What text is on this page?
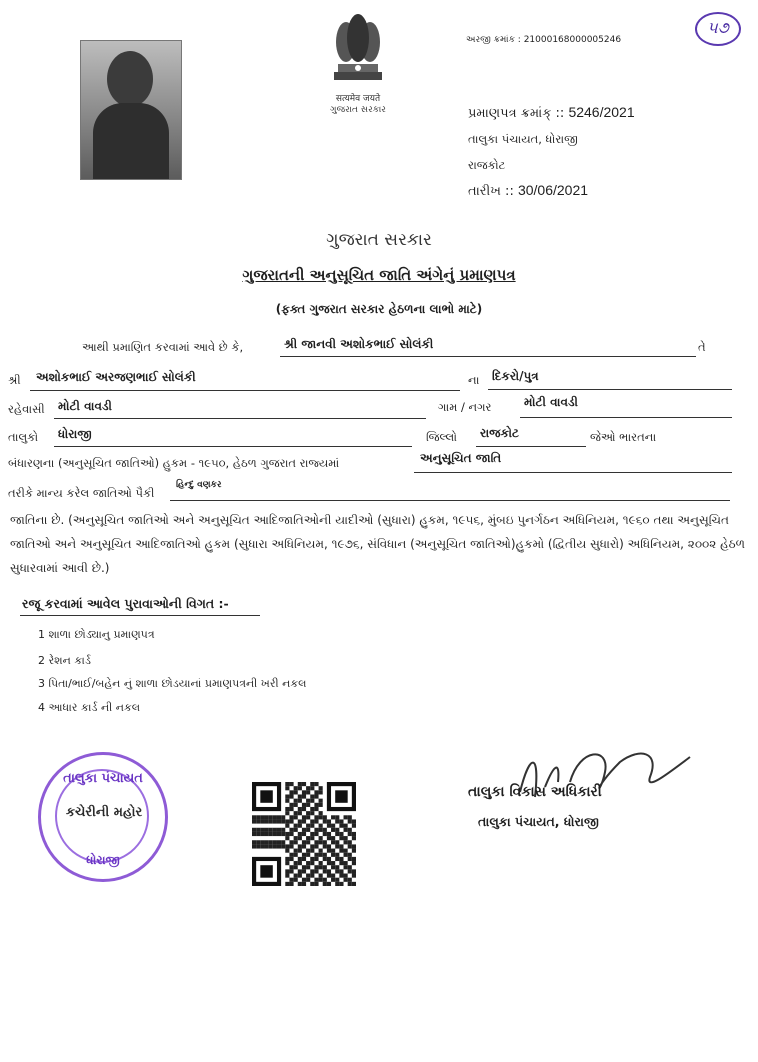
सत्यमेव जयते
ગુજરાત સરકાર
અરજી ક્રમાંક : 21000168000005246
૫૭
પ્રમાણપત્ર ક્રમાંક્ :: 5246/2021
તાલુકા પંચાયત, ધોરાજી
રાજકોટ
તારીખ :: 30/06/2021
ગુજરાત સરકાર
ગુજરાતની અનુસૂચિત જાતિ અંગેનું પ્રમાણપત્ર
(ફક્ત ગુજરાત સરકાર હેઠળના લાભો માટે)
આથી પ્રમાણિત કરવામાં આવે છે કે,	શ્રી જાનવી અશોકભાઈ સોલંકી	તે
શ્રી અશોકભાઈ અરજણભાઈ સોલંકી	ના દિકરો/પુત્ર
રહેવાસી મોટી વાવડી	ગામ / નગર	મોટી વાવડી
તાલુકો ધોરાજી	જિલ્લો રાજકોટ	જેઓ ભારતના
બંધારણના (અનુસૂચિત જાતિઓ) હુકમ - ૧૯૫૦, હેઠળ ગુજરાત રાજ્યમાં	અનુસૂચિત જાતિ
તરીકે માન્ય કરેલ જાતિઓ પૈકી
હિન્દુ વણકર
જાતિના છે. (અનુસૂચિત જાતિઓ અને અનુસૂચિત આદિજાતિઓની યાદીઓ (સુધારા) હુકમ, ૧૯૫૬, મુંબઇ પુનર્ગઠન અધિનિયમ, ૧૯૬૦ તથા અનુસૂચિત જાતિઓ અને અનુસૂચિત આદિજાતિઓ હુકમ (સુધારા અધિનિયમ, ૧૯૭૬, સંવિધાન (અનુસૂચિત જાતિઓ)હુકમો (દ્વિતીય સુધારો) અધિનિયમ, ૨૦૦૨ હેઠળ સુધારવામાં આવી છે.)
રજૂ કરવામાં આવેલ પુરાવાઓની વિગત :-
1 શાળા છોડ્યાનુ પ્રમાણપત્ર
2 રેશન કાર્ડ
3 પિતા/ભાઈ/બહેન નું શાળા છોડયાનાં પ્રમાણપત્રની ખરી નકલ
4 આધાર કાર્ડ ની નકલ
તાલુકા પંચાયત
કચેરીની મહોર
ધોરાજી
તાલુકા વિકાસ અધિકારી
તાલુકા પંચાયત, ધોરાજી
